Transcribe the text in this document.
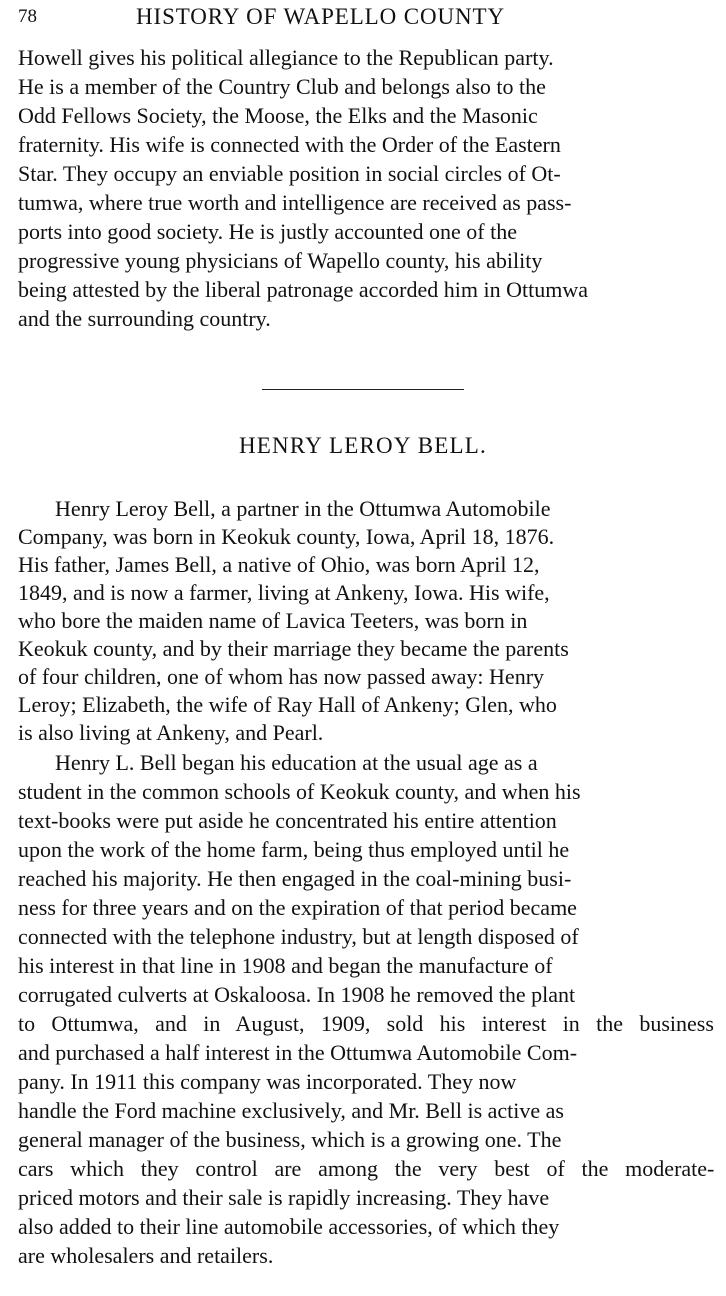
78	HISTORY OF WAPELLO COUNTY
Howell gives his political allegiance to the Republican party.
He is a member of the Country Club and belongs also to the
Odd Fellows Society, the Moose, the Elks and the Masonic
fraternity. His wife is connected with the Order of the Eastern
Star. They occupy an enviable position in social circles of Ot-
tumwa, where true worth and intelligence are received as pass-
ports into good society. He is justly accounted one of the
progressive young physicians of Wapello county, his ability
being attested by the liberal patronage accorded him in Ottumwa
and the surrounding country.
HENRY LEROY BELL.
Henry Leroy Bell, a partner in the Ottumwa Automobile
Company, was born in Keokuk county, Iowa, April 18, 1876.
His father, James Bell, a native of Ohio, was born April 12,
1849, and is now a farmer, living at Ankeny, Iowa. His wife,
who bore the maiden name of Lavica Teeters, was born in
Keokuk county, and by their marriage they became the parents
of four children, one of whom has now passed away: Henry
Leroy; Elizabeth, the wife of Ray Hall of Ankeny; Glen, who
is also living at Ankeny, and Pearl.
Henry L. Bell began his education at the usual age as a
student in the common schools of Keokuk county, and when his
text-books were put aside he concentrated his entire attention
upon the work of the home farm, being thus employed until he
reached his majority. He then engaged in the coal-mining busi-
ness for three years and on the expiration of that period became
connected with the telephone industry, but at length disposed of
his interest in that line in 1908 and began the manufacture of
corrugated culverts at Oskaloosa. In 1908 he removed the plant
to Ottumwa, and in August, 1909, sold his interest in the business
and purchased a half interest in the Ottumwa Automobile Com-
pany. In 1911 this company was incorporated. They now
handle the Ford machine exclusively, and Mr. Bell is active as
general manager of the business, which is a growing one. The
cars which they control are among the very best of the moderate-
priced motors and their sale is rapidly increasing. They have
also added to their line automobile accessories, of which they
are wholesalers and retailers.
